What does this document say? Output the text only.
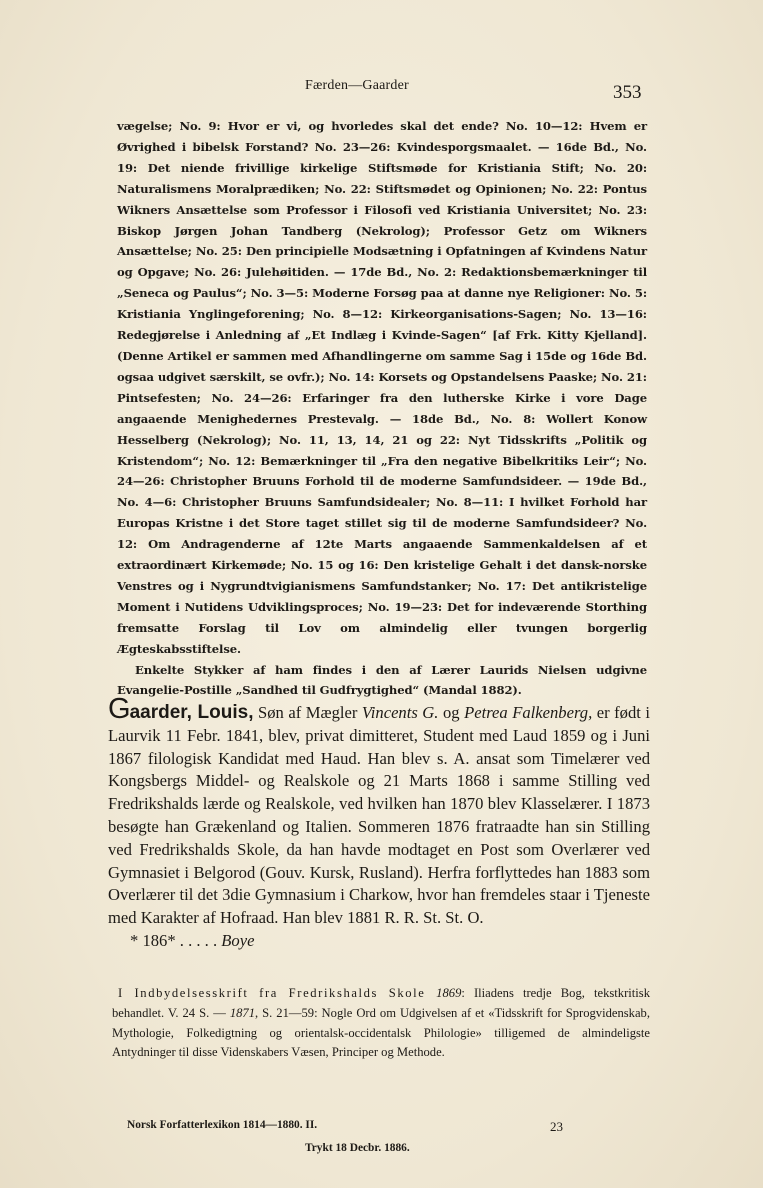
Færden—Gaarder	353

vægelse; No. 9: Hvor er vi, og hvorledes skal det ende? No. 10—12: Hvem er Øvrighed i bibelsk Forstand? No. 23—26: Kvindesporgsmaalet. — 16de Bd., No. 19: Det niende frivillige kirkelige Stiftsmøde for Kristiania Stift; No. 20: Naturalismens Moralprædiken; No. 22: Stiftsmødet og Opinionen; No. 22: Pontus Wikners Ansættelse som Professor i Filosofi ved Kristiania Universitet; No. 23: Biskop Jørgen Johan Tandberg (Nekrolog); Professor Getz om Wikners Ansættelse; No. 25: Den principielle Modsætning i Opfatningen af Kvindens Natur og Opgave; No. 26: Julehøitiden. — 17de Bd., No. 2: Redaktionsbemærkninger til „Seneca og Paulus“; No. 3—5: Moderne Forsøg paa at danne nye Religioner: No. 5: Kristiania Ynglingeforening; No. 8—12: Kirkeorganisations-Sagen; No. 13—16: Redegjørelse i Anledning af „Et Indlæg i Kvinde-Sagen“ [af Frk. Kitty Kjelland]. (Denne Artikel er sammen med Afhandlingerne om samme Sag i 15de og 16de Bd. ogsaa udgivet særskilt, se ovfr.); No. 14: Korsets og Opstandelsens Paaske; No. 21: Pintsefesten; No. 24—26: Erfaringer fra den lutherske Kirke i vore Dage angaaende Menighedernes Prestevalg. — 18de Bd., No. 8: Wollert Konow Hesselberg (Nekrolog); No. 11, 13, 14, 21 og 22: Nyt Tidsskrifts „Politik og Kristendom“; No. 12: Bemærkninger til „Fra den negative Bibelkritiks Leir“; No. 24—26: Christopher Bruuns Forhold til de moderne Samfundsideer. — 19de Bd., No. 4—6: Christopher Bruuns Samfundsidealer; No. 8—11: I hvilket Forhold har Europas Kristne i det Store taget stillet sig til de moderne Samfundsideer? No. 12: Om Andragenderne af 12te Marts angaaende Sammenkaldelsen af et extraordinært Kirkemøde; No. 15 og 16: Den kristelige Gehalt i det dansk-norske Venstres og i Nygrundtvigianismens Samfundstanker; No. 17: Det antikristelige Moment i Nutidens Udviklingsproces; No. 19—23: Det for indeværende Storthing fremsatte Forslag til Lov om almindelig eller tvungen borgerlig Ægteskabsstiftelse.

Enkelte Stykker af ham findes i den af Lærer Laurids Nielsen udgivne Evangelie-Postille „Sandhed til Gudfrygtighed“ (Mandal 1882).

Gaarder, Louis, Søn af Mægler Vincents G. og Petrea Falkenberg, er født i Laurvik 11 Febr. 1841, blev, privat dimitteret, Student med Laud 1859 og i Juni 1867 filologisk Kandidat med Haud. Han blev s. A. ansat som Timelærer ved Kongsbergs Middel- og Realskole og 21 Marts 1868 i samme Stilling ved Fredrikshalds lærde og Realskole, ved hvilken han 1870 blev Klasselærer. I 1873 besøgte han Grækenland og Italien. Sommeren 1876 fratraadte han sin Stilling ved Fredrikshalds Skole, da han havde modtaget en Post som Overlærer ved Gymnasiet i Belgorod (Gouv. Kursk, Rusland). Herfra forflyttedes han 1883 som Overlærer til det 3die Gymnasium i Charkow, hvor han fremdeles staar i Tjeneste med Karakter af Hofraad. Han blev 1881 R. R. St. St. O.

* 186* . . . . . Boye

I Indbydelsesskrift fra Fredrikshalds Skole 1869: Iliadens tredje Bog, tekstkritisk behandlet. V. 24 S. — 1871, S. 21—59: Nogle Ord om Udgivelsen af et «Tidsskrift for Sprogvidenskab, Mythologie, Folkedigtning og orientalsk-occidentalsk Philologie» tilligemed de almindeligste Antydninger til disse Videnskabers Væsen, Principer og Methode.

Norsk Forfatterlexikon 1814—1880. II.	23
Trykt 18 Decbr. 1886.
